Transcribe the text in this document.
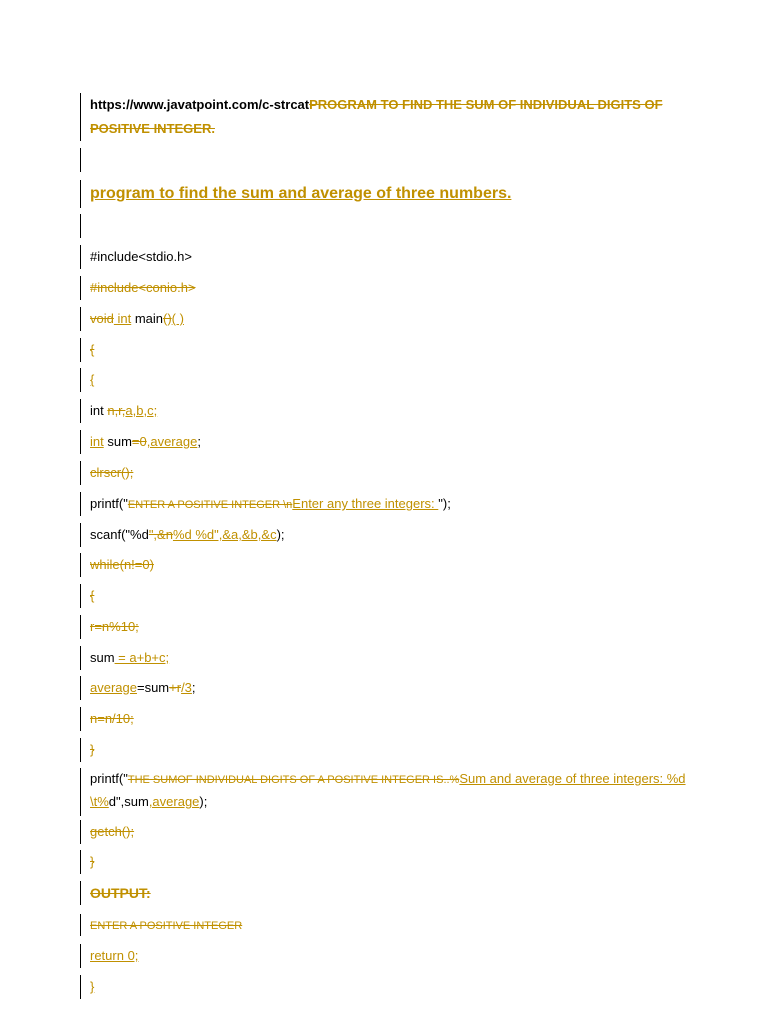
https://www.javatpoint.com/c-strcatPROGRAM TO FIND THE SUM OF INDIVIDUAL DIGITS OF POSITIVE INTEGER.
program to find the sum and average of three numbers.
#include<stdio.h>
#include<conio.h>
void int main()( )
{
{
int n,r,a,b,c;
int sum=0,average;
clrscr();
printf("ENTER A POSITIVE INTEGER \nEnter any three integers: ");
scanf("%d",&n%d %d",&a,&b,&c);
while(n!=0)
{
r=n%10;
sum = a+b+c;
average=sum+r/3;
n=n/10;
}
printf("THE SUMOF INDIVIDUAL DIGITS OF A POSITIVE INTEGER IS..%Sum and average of three integers: %d \t%d",sum,average);
getch();
}
OUTPUT:
ENTER A POSITIVE INTEGER
return 0;
}
